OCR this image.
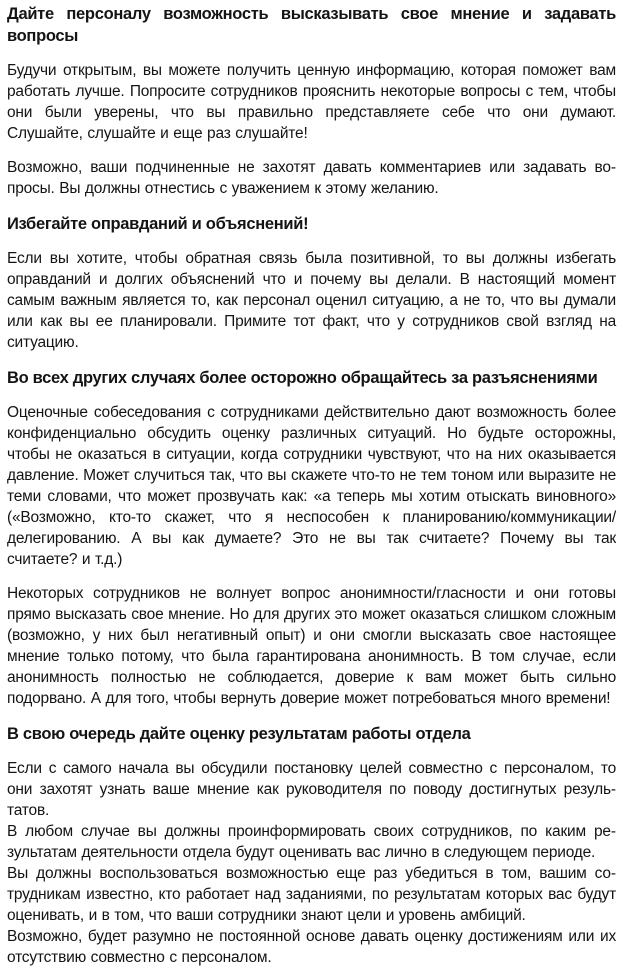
Дайте персоналу возможность высказывать свое мнение и задавать вопросы

Будучи открытым, вы можете получить ценную информацию, которая поможет вам работать лучше. Попросите сотрудников прояснить некоторые вопросы с тем, чтобы они были уверены, что вы правильно представляете себе что они думают. Слушайте, слушайте и еще раз слушайте!

Возможно, ваши подчиненные не захотят давать комментариев или задавать вопросы. Вы должны отнестись с уважением к этому желанию.

Избегайте оправданий и объяснений!

Если вы хотите, чтобы обратная связь была позитивной, то вы должны избегать оправданий и долгих объяснений что и почему вы делали. В настоящий момент самым важным является то, как персонал оценил ситуацию, а не то, что вы думали или как вы ее планировали. Примите тот факт, что у сотрудников свой взгляд на ситуацию.

Во всех других случаях более осторожно обращайтесь за разъяснениями

Оценочные собеседования с сотрудниками действительно дают возможность более конфиденциально обсудить оценку различных ситуаций. Но будьте осторожны, чтобы не оказаться в ситуации, когда сотрудники чувствуют, что на них оказывается давление. Может случиться так, что вы скажете что-то не тем тоном или выразите не теми словами, что может прозвучать как: «а теперь мы хотим отыскать виновного» («Возможно, кто-то скажет, что я неспособен к планированию/коммуникации/делегированию. А вы как думаете? Это не вы так считаете? Почему вы так считаете? и т.д.)

Некоторых сотрудников не волнует вопрос анонимности/гласности и они готовы прямо высказать свое мнение. Но для других это может оказаться слишком сложным (возможно, у них был негативный опыт) и они смогли высказать свое настоящее мнение только потому, что была гарантирована анонимность. В том случае, если анонимность полностью не соблюдается, доверие к вам может быть сильно подорвано. А для того, чтобы вернуть доверие может потребоваться много времени!

В свою очередь дайте оценку результатам работы отдела

Если с самого начала вы обсудили постановку целей совместно с персоналом, то они захотят узнать ваше мнение как руководителя по поводу достигнутых результатов.

В любом случае вы должны проинформировать своих сотрудников, по каким результатам деятельности отдела будут оценивать вас лично в следующем периоде.

Вы должны воспользоваться возможностью еще раз убедиться в том, вашим сотрудникам известно, кто работает над заданиями, по результатам которых вас будут оценивать, и в том, что ваши сотрудники знают цели и уровень амбиций.

Возможно, будет разумно не постоянной основе давать оценку достижениям или их отсутствию совместно с персоналом.
